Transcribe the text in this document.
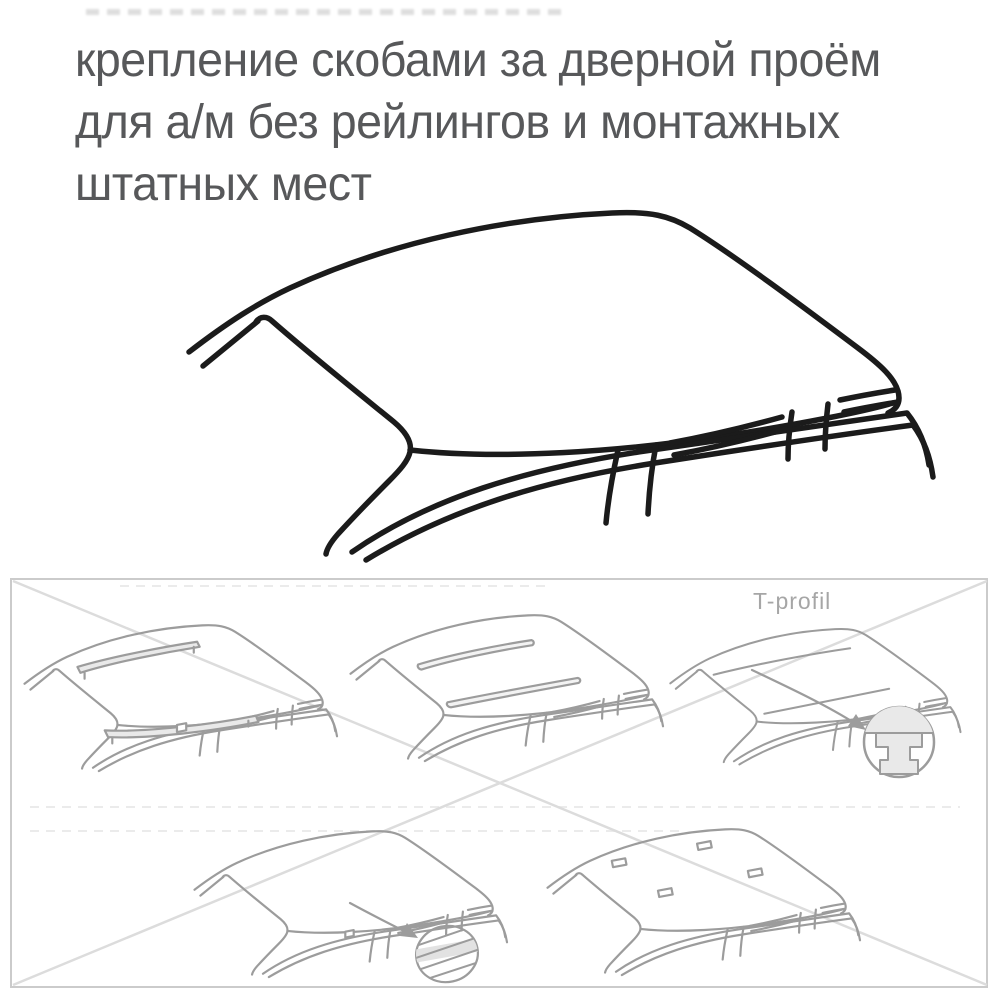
крепление скобами за дверной проём
для а/м без рейлингов и монтажных
штатных мест
T-profil
